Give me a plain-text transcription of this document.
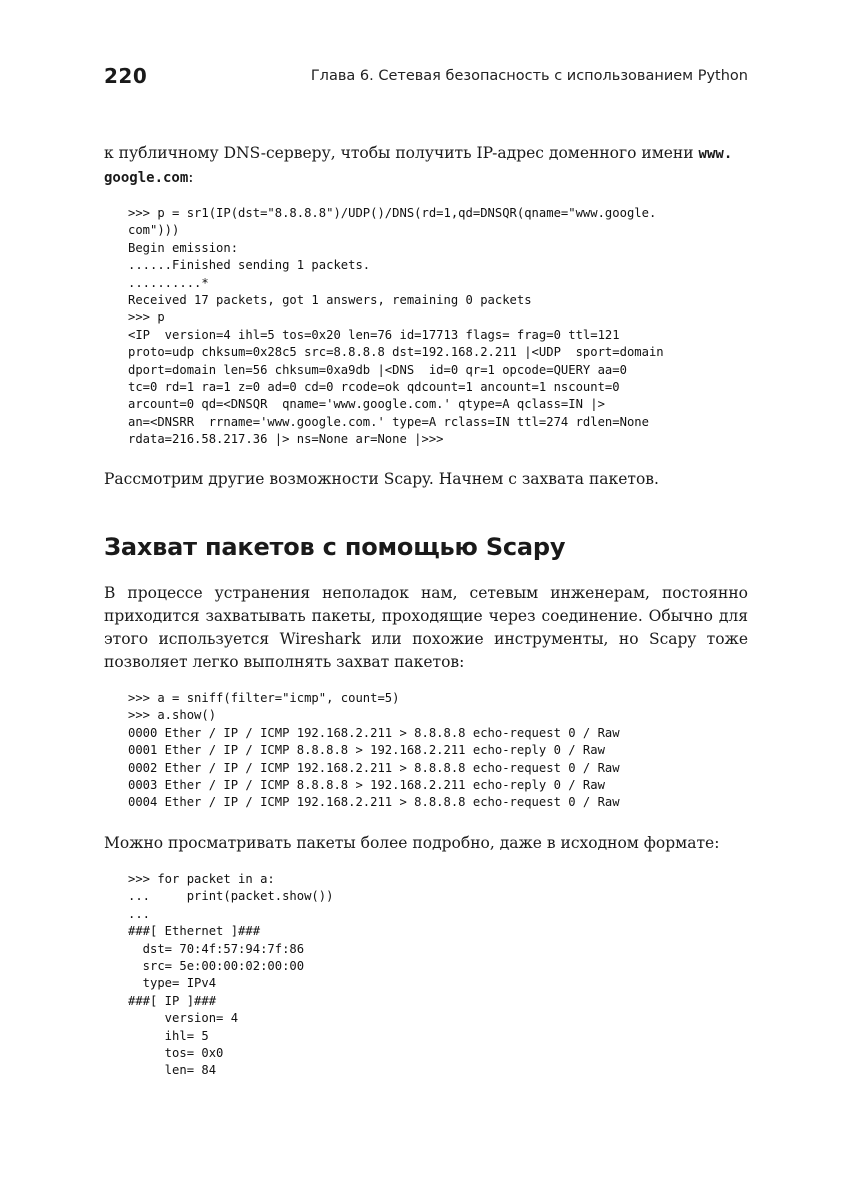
220	Глава 6. Сетевая безопасность с использованием Python

к публичному DNS-серверу, чтобы получить IP-адрес доменного имени www.
google.com:

>>> p = sr1(IP(dst="8.8.8.8")/UDP()/DNS(rd=1,qd=DNSQR(qname="www.google.
com")))
Begin emission:
......Finished sending 1 packets.
..........*
Received 17 packets, got 1 answers, remaining 0 packets
>>> p
<IP  version=4 ihl=5 tos=0x20 len=76 id=17713 flags= frag=0 ttl=121
proto=udp chksum=0x28c5 src=8.8.8.8 dst=192.168.2.211 |<UDP  sport=domain
dport=domain len=56 chksum=0xa9db |<DNS  id=0 qr=1 opcode=QUERY aa=0
tc=0 rd=1 ra=1 z=0 ad=0 cd=0 rcode=ok qdcount=1 ancount=1 nscount=0
arcount=0 qd=<DNSQR  qname='www.google.com.' qtype=A qclass=IN |>
an=<DNSRR  rrname='www.google.com.' type=A rclass=IN ttl=274 rdlen=None
rdata=216.58.217.36 |> ns=None ar=None |>>>

Рассмотрим другие возможности Scapy. Начнем с захвата пакетов.

Захват пакетов с помощью Scapy

В процессе устранения неполадок нам, сетевым инженерам, постоянно приходится захватывать пакеты, проходящие через соединение. Обычно для этого используется Wireshark или похожие инструменты, но Scapy тоже позволяет легко выполнять захват пакетов:

>>> a = sniff(filter="icmp", count=5)
>>> a.show()
0000 Ether / IP / ICMP 192.168.2.211 > 8.8.8.8 echo-request 0 / Raw
0001 Ether / IP / ICMP 8.8.8.8 > 192.168.2.211 echo-reply 0 / Raw
0002 Ether / IP / ICMP 192.168.2.211 > 8.8.8.8 echo-request 0 / Raw
0003 Ether / IP / ICMP 8.8.8.8 > 192.168.2.211 echo-reply 0 / Raw
0004 Ether / IP / ICMP 192.168.2.211 > 8.8.8.8 echo-request 0 / Raw

Можно просматривать пакеты более подробно, даже в исходном формате:

>>> for packet in a:
...     print(packet.show())
...
###[ Ethernet ]###
dst= 70:4f:57:94:7f:86
src= 5e:00:00:02:00:00
type= IPv4
###[ IP ]###
version= 4
ihl= 5
tos= 0x0
len= 84
